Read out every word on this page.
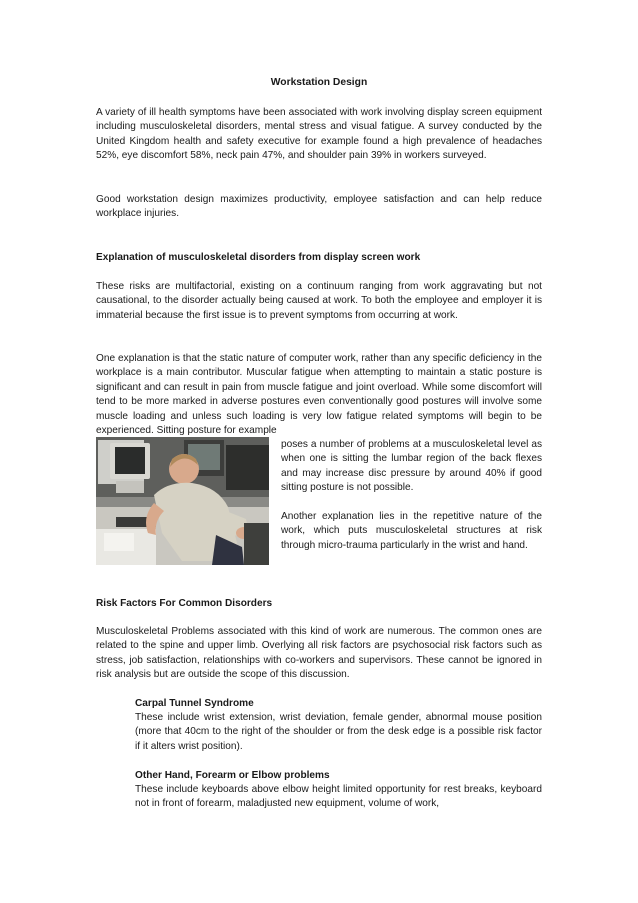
Workstation Design

A variety of ill health symptoms have been associated with work involving display screen equipment including musculoskeletal disorders, mental stress and visual fatigue. A survey conducted by the United Kingdom health and safety executive for example found a high prevalence of headaches 52%, eye discomfort 58%, neck pain 47%, and shoulder pain 39% in workers surveyed.

Good workstation design maximizes productivity, employee satisfaction and can help reduce workplace injuries.

Explanation of musculoskeletal disorders from display screen work

These risks are multifactorial, existing on a continuum ranging from work aggravating but not causational, to the disorder actually being caused at work. To both the employee and employer it is immaterial because the first issue is to prevent symptoms from occurring at work.

One explanation is that the static nature of computer work, rather than any specific deficiency in the workplace is a main contributor. Muscular fatigue when attempting to maintain a static posture is significant and can result in pain from muscle fatigue and joint overload. While some discomfort will tend to be more marked in adverse postures even conventionally good postures will involve some muscle loading and unless such loading is very low fatigue related symptoms will begin to be experienced. Sitting posture for example

poses a number of problems at a musculoskeletal level as when one is sitting the lumbar region of the back flexes and may increase disc pressure by around 40% if good sitting posture is not possible.

Another explanation lies in the repetitive nature of the work, which puts musculoskeletal structures at risk through micro-trauma particularly in the wrist and hand.

Risk Factors For Common Disorders

Musculoskeletal Problems associated with this kind of work are numerous. The common ones are related to the spine and upper limb. Overlying all risk factors are psychosocial risk factors such as stress, job satisfaction, relationships with co-workers and supervisors. These cannot be ignored in risk analysis but are outside the scope of this discussion.

Carpal Tunnel Syndrome

These include wrist extension, wrist deviation, female gender, abnormal mouse position (more that 40cm to the right of the shoulder or from the desk edge is a possible risk factor if it alters wrist position).

Other Hand, Forearm or Elbow problems

These include keyboards above elbow height limited opportunity for rest breaks, keyboard not in front of forearm, maladjusted new equipment, volume of work,
